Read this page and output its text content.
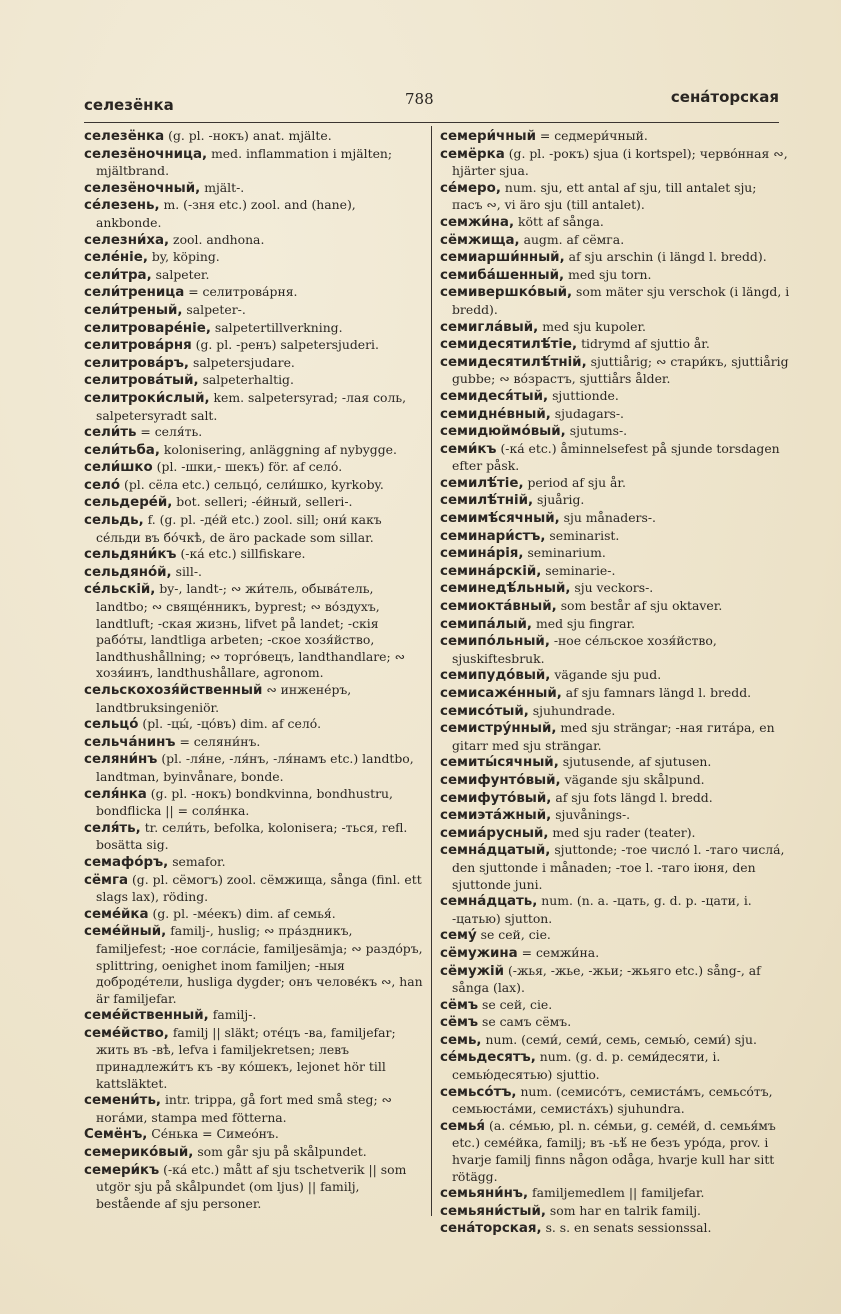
селезёнка	788	сена́торская

селезёнка (g. pl. -нокъ) anat. mjälte.

селезёночница, med. inflammation i mjälten; mjältbrand.

селезёночный, mjält-.

се́лезень, m. (-зня etc.) zool. and (hane), ankbonde.

селезни́ха, zool. andhona.

селе́ніе, by, köping.

сели́тра, salpeter.

сели́треница = селитрова́рня.

сели́треный, salpeter-.

селитроваре́ніе, salpetertillverkning.

селитрова́рня (g. pl. -ренъ) salpetersjuderi.

селитрова́ръ, salpetersjudare.

селитрова́тый, salpeterhaltig.

селитроки́слый, kem. salpetersyrad; -лая соль, salpetersyradt salt.

сели́ть = селя́ть.

сели́тьба, kolonisering, anläggning af nybygge.

сели́шко (pl. -шки,- шекъ) för. af село́.

село́ (pl. сёла etc.) сельцо́, сели́шко, kyrkoby.

сельдере́й, bot. selleri; -е́йный, selleri-.

сельдь, f. (g. pl. -де́й etc.) zool. sill; они́ какъ се́льди въ бо́чкѣ, de äro packade som sillar.

сельдяни́къ (-ка́ etc.) sillfiskare.

сельдяно́й, sill-.

се́льскій, by-, landt-; ∾ жи́тель, обыва́тель, landtbo; ∾ свяще́нникъ, byprest; ∾ во́здухъ, landtluft; -ская жизнь, lifvet på landet; -скія рабо́ты, landtliga arbeten; -ское хозя́йство, landthushållning; ∾ торго́вецъ, landthandlare; ∾ хозя́инъ, landthushållare, agronom.

сельскохозя́йственный ∾ инжене́ръ, landtbruksingeniör.

сельцо́ (pl. -цы́, -цо́въ) dim. af село́.

сельча́нинъ = селяни́нъ.

селяни́нъ (pl. -ля́не, -ля́нъ, -ля́намъ etc.) landtbo, landtman, byinvånare, bonde.

селя́нка (g. pl. -нокъ) bondkvinna, bondhustru, bondflicka || = соля́нка.

селя́ть, tr. сели́ть, befolka, kolonisera; -ться, refl. bosätta sig.

семафо́ръ, semafor.

сёмга (g. pl. сёмогъ) zool. сёмжища, sånga (finl. ett slags lax), röding.

семе́йка (g. pl. -ме́екъ) dim. af семья́.

семе́йный, familj-, huslig; ∾ пра́здникъ, familjefest; -ное согла́сіе, familjesämja; ∾ раздо́ръ, splittring, oenighet inom familjen; -ныя доброде́тели, husliga dygder; онъ челове́къ ∾, han är familjefar.

семе́йственный, familj-.

семе́йство, familj || släkt; оте́цъ -ва, familjefar; жить въ -вѣ, lefva i familjekretsen; левъ принадлежи́тъ къ -ву ко́шекъ, lejonet hör till kattsläktet.

семени́ть, intr. trippa, gå fort med små steg; ∾ нога́ми, stampa med fötterna.

Семёнъ, Се́нька = Симео́нъ.

семерико́вый, som går sju på skålpundet.

семери́къ (-ка́ etc.) mått af sju tschetverik || som utgör sju på skålpundet (om ljus) || familj, bestående af sju personer.

семери́чный = седмери́чный.

семёрка (g. pl. -рокъ) sjua (i kortspel); червóнная ∾, hjärter sjua.

се́меро, num. sju, ett antal af sju, till antalet sju; пасъ ∾, vi äro sju (till antalet).

семжи́на, kött af sånga.

сёмжища, augm. af сёмга.

семиарши́нный, af sju arschin (i längd l. bredd).

семиба́шенный, med sju torn.

семивершко́вый, som mäter sju verschok (i längd, i bredd).

семигла́вый, med sju kupoler.

семидесятилѣ́тіе, tidrymd af sjuttio år.

семидесятилѣ́тній, sjuttiårig; ∾ стари́къ, sjuttiårig gubbe; ∾ во́зрастъ, sjuttiårs ålder.

семидеся́тый, sjuttionde.

семидне́вный, sjudagars-.

семидюймо́вый, sjutums-.

семи́къ (-ка́ etc.) åminnelsefest på sjunde torsdagen efter påsk.

семилѣ́тіе, period af sju år.

семилѣ́тній, sjuårig.

семимѣ́сячный, sju månaders-.

семинари́стъ, seminarist.

семина́рія, seminarium.

семина́рскій, seminarie-.

семинедѣ́льный, sju veckors-.

семиокта́вный, som består af sju oktaver.

семипа́лый, med sju fingrar.

семипо́льный, -ное се́льское хозя́йство, sjuskiftesbruk.

семипудо́вый, vägande sju pud.

семисаже́нный, af sju famnars längd l. bredd.

семисо́тый, sjuhundrade.

семистру́нный, med sju strängar; -ная гита́ра, en gitarr med sju strängar.

семиты́сячный, sjutusende, af sjutusen.

семифунто́вый, vägande sju skålpund.

семифуто́вый, af sju fots längd l. bredd.

семиэта́жный, sjuvånings-.

семиа́русный, med sju rader (teater).

семна́дцатый, sjuttonde; -тое число́ l. -таго числа́, den sjuttonde i månaden; -тое l. -таго іюня, den sjuttonde juni.

семна́дцать, num. (n. a. -цать, g. d. p. -цати, i. -цатью) sjutton.

сему́ se сей, сіе.

сёмужина = семжи́на.

сёмужій (-жья, -жье, -жьи; -жьяго etc.) sång-, af sånga (lax).

сёмъ se сей, сіе.

сёмъ se самъ сёмъ.

семь, num. (семи́, семи́, семь, семью́, семи́) sju.

се́мьдесятъ, num. (g. d. p. семи́десяти, i. семью́десятью) sjuttio.

семьсо́тъ, num. (семисо́тъ, семиста́мъ, семьсо́тъ, семьюста́ми, семиста́хъ) sjuhundra.

семья́ (a. се́мью, pl. n. се́мьи, g. семе́й, d. семья́мъ etc.) семе́йка, familj; въ -ьѣ́ не безъ уро́да, prov. i hvarje familj finns någon odåga, hvarje kull har sitt rötägg.

семьяни́нъ, familjemedlem || familjefar.

семьяни́стый, som har en talrik familj.

сена́торская, s. s. en senats sessionssal.
